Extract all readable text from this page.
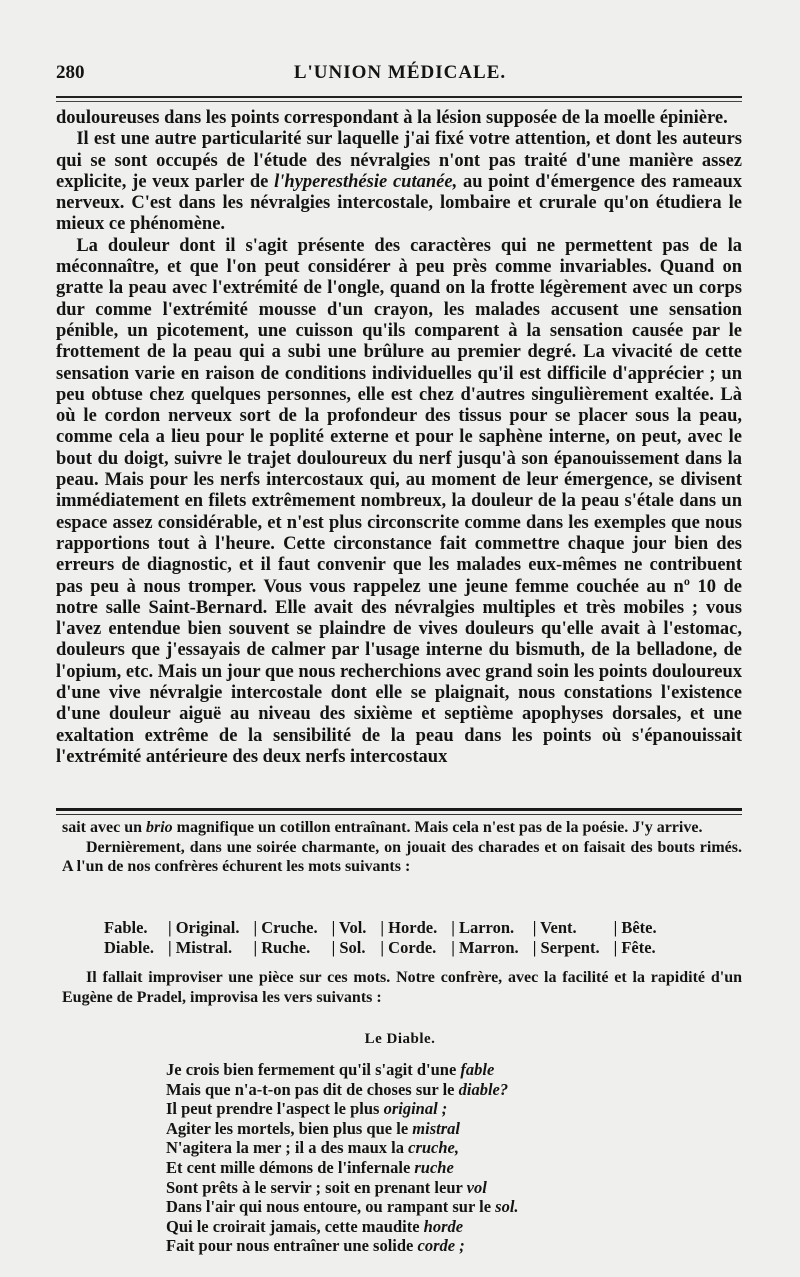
280	L'UNION MÉDICALE.

douloureuses dans les points correspondant à la lésion supposée de la moelle épinière.

Il est une autre particularité sur laquelle j'ai fixé votre attention, et dont les auteurs qui se sont occupés de l'étude des névralgies n'ont pas traité d'une manière assez explicite, je veux parler de l'hyperesthésie cutanée, au point d'émergence des rameaux nerveux. C'est dans les névralgies intercostale, lombaire et crurale qu'on étudiera le mieux ce phénomène.

La douleur dont il s'agit présente des caractères qui ne permettent pas de la méconnaître, et que l'on peut considérer à peu près comme invariables. Quand on gratte la peau avec l'extrémité de l'ongle, quand on la frotte légèrement avec un corps dur comme l'extrémité mousse d'un crayon, les malades accusent une sensation pénible, un picotement, une cuisson qu'ils comparent à la sensation causée par le frottement de la peau qui a subi une brûlure au premier degré. La vivacité de cette sensation varie en raison de conditions individuelles qu'il est difficile d'apprécier ; un peu obtuse chez quelques personnes, elle est chez d'autres singulièrement exaltée. Là où le cordon nerveux sort de la profondeur des tissus pour se placer sous la peau, comme cela a lieu pour le poplité externe et pour le saphène interne, on peut, avec le bout du doigt, suivre le trajet douloureux du nerf jusqu'à son épanouissement dans la peau. Mais pour les nerfs intercostaux qui, au moment de leur émergence, se divisent immédiatement en filets extrêmement nombreux, la douleur de la peau s'étale dans un espace assez considérable, et n'est plus circonscrite comme dans les exemples que nous rapportions tout à l'heure. Cette circonstance fait commettre chaque jour bien des erreurs de diagnostic, et il faut convenir que les malades eux-mêmes ne contribuent pas peu à nous tromper. Vous vous rappelez une jeune femme couchée au nº 10 de notre salle Saint-Bernard. Elle avait des névralgies multiples et très mobiles ; vous l'avez entendue bien souvent se plaindre de vives douleurs qu'elle avait à l'estomac, douleurs que j'essayais de calmer par l'usage interne du bismuth, de la belladone, de l'opium, etc. Mais un jour que nous recherchions avec grand soin les points douloureux d'une vive névralgie intercostale dont elle se plaignait, nous constations l'existence d'une douleur aiguë au niveau des sixième et septième apophyses dorsales, et une exaltation extrême de la sensibilité de la peau dans les points où s'épanouissait l'extrémité antérieure des deux nerfs intercostaux

sait avec un brio magnifique un cotillon entraînant. Mais cela n'est pas de la poésie. J'y arrive.

Dernièrement, dans une soirée charmante, on jouait des charades et on faisait des bouts rimés. A l'un de nos confrères échurent les mots suivants :

Fable.	| Original.	| Cruche.	| Vol.	| Horde.	| Larron.	| Vent.	| Bête.
Diable.	| Mistral.	| Ruche.	| Sol.	| Corde.	| Marron.	| Serpent.	| Fête.

Il fallait improviser une pièce sur ces mots. Notre confrère, avec la facilité et la rapidité d'un Eugène de Pradel, improvisa les vers suivants :

Le Diable.
Je crois bien fermement qu'il s'agit d'une fable
Mais que n'a-t-on pas dit de choses sur le diable?
Il peut prendre l'aspect le plus original ;
Agiter les mortels, bien plus que le mistral
N'agitera la mer ; il a des maux la cruche,
Et cent mille démons de l'infernale ruche
Sont prêts à le servir ; soit en prenant leur vol
Dans l'air qui nous entoure, ou rampant sur le sol.
Qui le croirait jamais, cette maudite horde
Fait pour nous entraîner une solide corde ;
